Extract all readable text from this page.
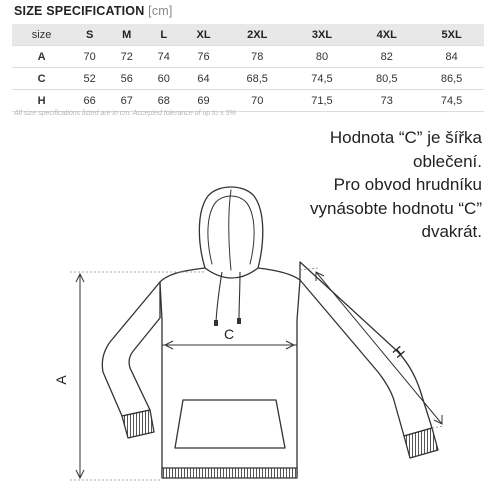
SIZE SPECIFICATION [cm]
size	S	M	L	XL	2XL	3XL	4XL	5XL
A	70	72	74	76	78	80	82	84
C	52	56	60	64	68,5	74,5	80,5	86,5
H	66	67	68	69	70	71,5	73	74,5
All size specifications listed are in cm. Accepted tolerance of up to ± 5%
Hodnota “C” je šířka
oblečení.
Pro obvod hrudníku
vynásobte hodnotu “C”
dvakrát.
A
C
H
